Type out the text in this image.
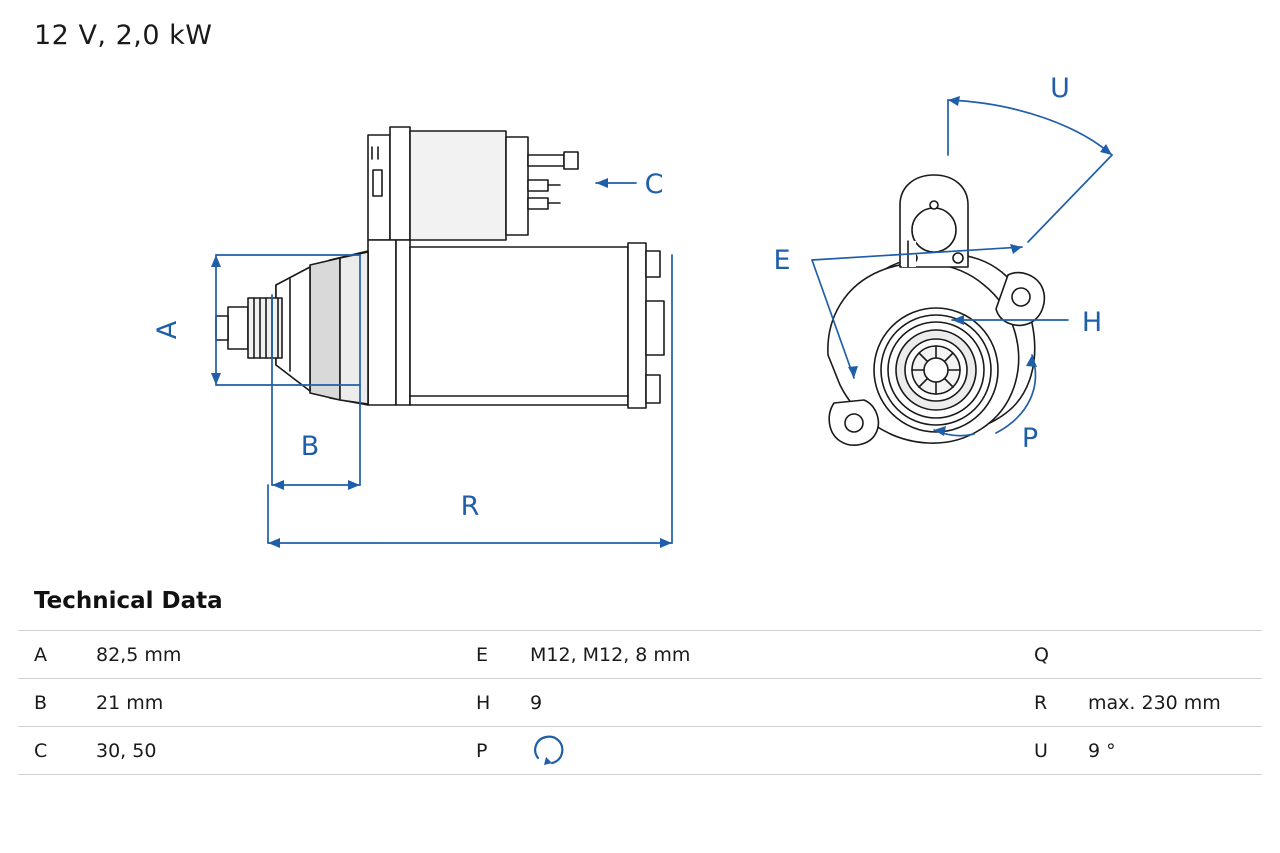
12 V, 2,0 kW
A
B
C
E
H
P
R
U
Technical Data
A	82,5 mm	E	M12, M12, 8 mm	Q	
B	21 mm	H	9	R	max. 230 mm
C	30, 50	P		U	9 °
